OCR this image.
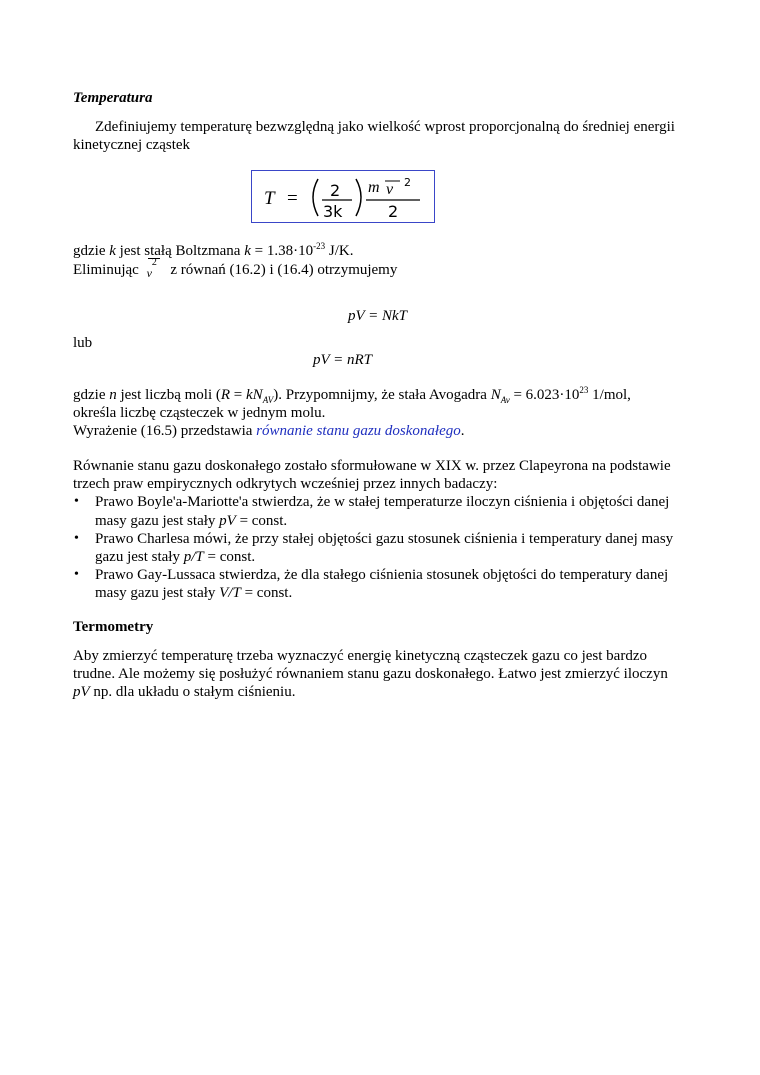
Temperatura
Zdefiniujemy temperaturę bezwzględną jako wielkość wprost proporcjonalną do średniej energii
kinetycznej cząstek
T = 2
3k
m v 2
2
gdzie k jest stałą Boltzmana $k = 1.38\cdot 10^{-23}$ J/K.
Eliminując $_v^2$ z równań (16.2) i (16.4) otrzymujemy
pV = NkT
lub
pV = nRT
gdzie n jest liczbą moli $(R = kN_{AV})$. Przypomnijmy, że stała Avogadra $N_{Av} = 6.023\cdot 10^{23}$ 1/mol,
określa liczbę cząsteczek w jednym molu.
Wyrażenie (16.5) przedstawia równanie stanu gazu doskonałego.
Równanie stanu gazu doskonałego zostało sformułowane w XIX w. przez Clapeyrona na podstawie
trzech praw empirycznych odkrytych wcześniej przez innych badaczy:
• Prawo Boyle'a-Mariotte'a stwierdza, że w stałej temperaturze iloczyn ciśnienia i objętości danej
masy gazu jest stały pV = const.
• Prawo Charlesa mówi, że przy stałej objętości gazu stosunek ciśnienia i temperatury danej masy
gazu jest stały p/T = const.
• Prawo Gay-Lussaca stwierdza, że dla stałego ciśnienia stosunek objętości do temperatury danej
masy gazu jest stały V/T = const.
Termometry
Aby zmierzyć temperaturę trzeba wyznaczyć energię kinetyczną cząsteczek gazu co jest bardzo
trudne. Ale możemy się posłużyć równaniem stanu gazu doskonałego. Łatwo jest zmierzyć iloczyn
pV np. dla układu o stałym ciśnieniu.
